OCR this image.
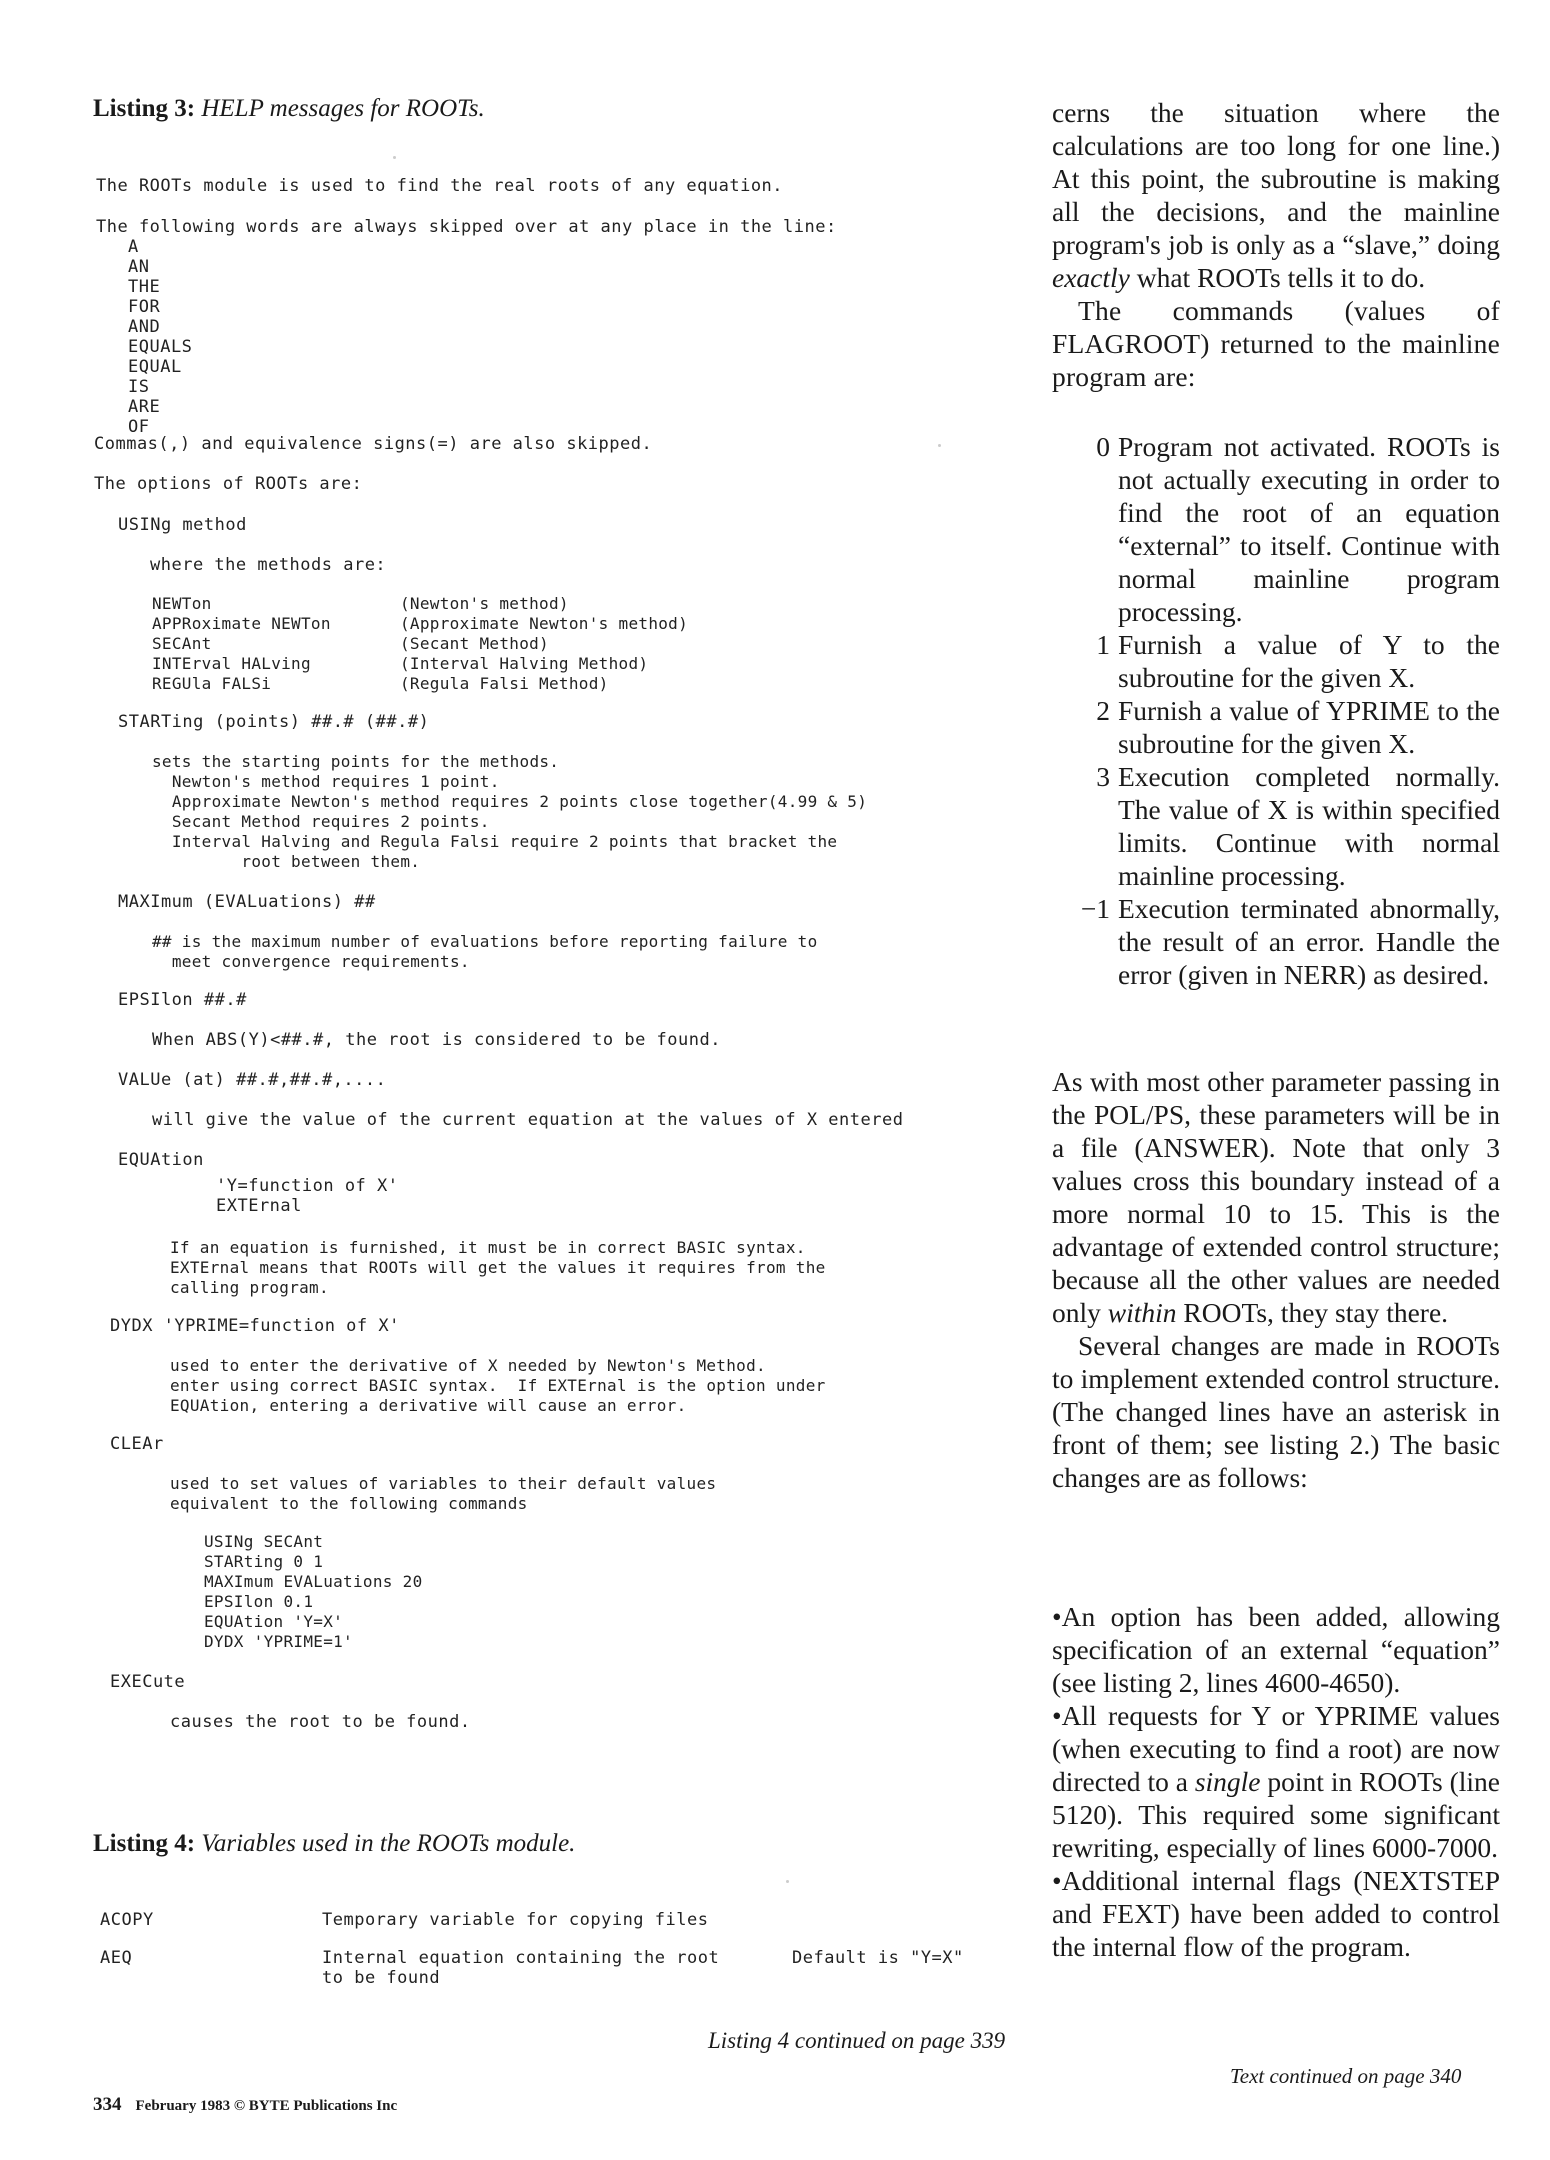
Listing 3: HELP messages for ROOTs.
The ROOTs module is used to find the real roots of any equation.
The following words are always skipped over at any place in the line:
A
AN
THE
FOR
AND
EQUALS
EQUAL
IS
ARE
OF
Commas(,) and equivalence signs(=) are also skipped.
The options of ROOTs are:
USINg method
where the methods are:
NEWTon
APPRoximate NEWTon
SECAnt
INTErval HALving
REGUla FALSi
(Newton's method)
(Approximate Newton's method)
(Secant Method)
(Interval Halving Method)
(Regula Falsi Method)
STARTing (points) ##.# (##.#)
sets the starting points for the methods.
Newton's method requires 1 point.
Approximate Newton's method requires 2 points close together(4.99 & 5)
Secant Method requires 2 points.
Interval Halving and Regula Falsi require 2 points that bracket the
root between them.
MAXImum (EVALuations) ##
## is the maximum number of evaluations before reporting failure to
meet convergence requirements.
EPSIlon ##.#
When ABS(Y)<##.#, the root is considered to be found.
VALUe (at) ##.#,##.#,....
will give the value of the current equation at the values of X entered
EQUAtion
'Y=function of X'
EXTErnal
If an equation is furnished, it must be in correct BASIC syntax.
EXTErnal means that ROOTs will get the values it requires from the
calling program.
DYDX 'YPRIME=function of X'
used to enter the derivative of X needed by Newton's Method.
enter using correct BASIC syntax.  If EXTErnal is the option under
EQUAtion, entering a derivative will cause an error.
CLEAr
used to set values of variables to their default values
equivalent to the following commands
USINg SECAnt
STARting 0 1
MAXImum EVALuations 20
EPSIlon 0.1
EQUAtion 'Y=X'
DYDX 'YPRIME=1'
EXECute
causes the root to be found.
Listing 4: Variables used in the ROOTs module.
ACOPY	Temporary variable for copying files
AEQ	Internal equation containing the root
to be found
Default is "Y=X"
Listing 4 continued on page 339
334 February 1983 © BYTE Publications Inc

cerns the situation where the calculations are too long for one line.) At this point, the subroutine is making all the decisions, and the mainline program's job is only as a “slave,” doing exactly what ROOTs tells it to do.

The commands (values of FLAGROOT) returned to the mainline program are:

0 Program not activated. ROOTs is not actually executing in order to find the root of an equation “external” to itself. Continue with normal mainline program processing.
1 Furnish a value of Y to the subroutine for the given X.
2 Furnish a value of YPRIME to the subroutine for the given X.
3 Execution completed normally. The value of X is within specified limits. Continue with normal mainline processing.
−1 Execution terminated abnormally, the result of an error. Handle the error (given in NERR) as desired.

As with most other parameter passing in the POL/PS, these parameters will be in a file (ANSWER). Note that only 3 values cross this boundary instead of a more normal 10 to 15. This is the advantage of extended control structure; because all the other values are needed only within ROOTs, they stay there.

Several changes are made in ROOTs to implement extended control structure. (The changed lines have an asterisk in front of them; see listing 2.) The basic changes are as follows:

•An option has been added, allowing specification of an external “equation” (see listing 2, lines 4600-4650).

•All requests for Y or YPRIME values (when executing to find a root) are now directed to a single point in ROOTs (line 5120). This required some significant rewriting, especially of lines 6000-7000.

•Additional internal flags (NEXTSTEP and FEXT) have been added to control the internal flow of the program.

Text continued on page 340
